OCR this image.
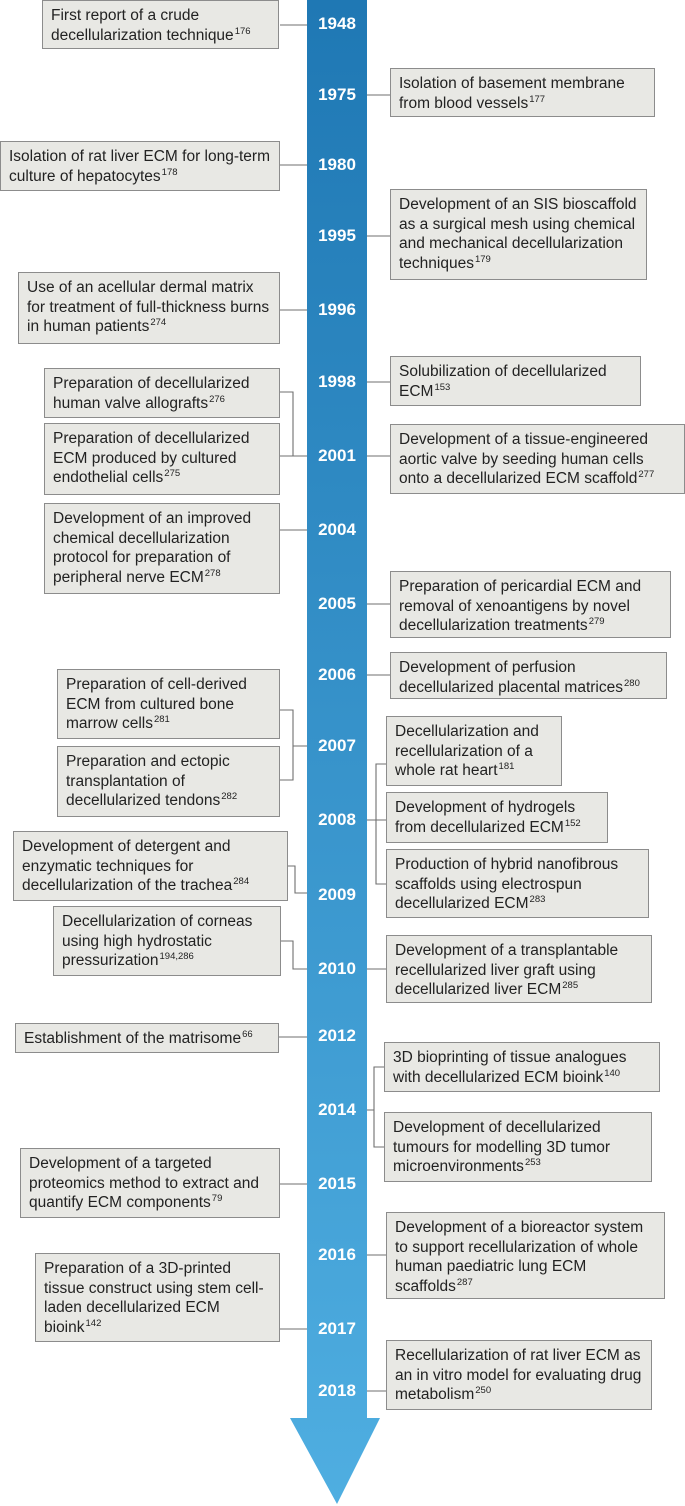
1948
1975
1980
1995
1996
1998
2001
2004
2005
2006
2007
2008
2009
2010
2012
2014
2015
2016
2017
2018
First report of a crude decellularization technique$^{176}$
Isolation of basement membrane from blood vessels$^{177}$
Isolation of rat liver ECM for long-term culture of hepatocytes$^{178}$
Development of an SIS bioscaffold as a surgical mesh using chemical and mechanical decellularization techniques$^{179}$
Use of an acellular dermal matrix for treatment of full-thickness burns in human patients$^{274}$
Solubilization of decellularized ECM$^{153}$
Preparation of decellularized human valve allografts$^{276}$
Preparation of decellularized ECM produced by cultured endothelial cells$^{275}$
Development of a tissue-engineered aortic valve by seeding human cells onto a decellularized ECM scaffold$^{277}$
Development of an improved chemical decellularization protocol for preparation of peripheral nerve ECM$^{278}$
Preparation of pericardial ECM and removal of xenoantigens by novel decellularization treatments$^{279}$
Development of perfusion decellularized placental matrices$^{280}$
Preparation of cell-derived ECM from cultured bone marrow cells$^{281}$
Decellularization and recellularization of a whole rat heart$^{181}$
Preparation and ectopic transplantation of decellularized tendons$^{282}$
Development of hydrogels from decellularized ECM$^{152}$
Development of detergent and enzymatic techniques for decellularization of the trachea$^{284}$
Production of hybrid nanofibrous scaffolds using electrospun decellularized ECM$^{283}$
Decellularization of corneas using high hydrostatic pressurization$^{194,286}$	Development of a transplantable recellularized liver graft using decellularized liver ECM$^{285}$
Establishment of the matrisome$^{66}$
3D bioprinting of tissue analogues with decellularized ECM bioink$^{140}$
Development of decellularized tumours for modelling 3D tumor microenvironments$^{253}$
Development of a targeted proteomics method to extract and quantify ECM components$^{79}$
Development of a bioreactor system to support recellularization of whole human paediatric lung ECM scaffolds$^{287}$
Preparation of a 3D-printed tissue construct using stem cell-laden decellularized ECM bioink$^{142}$
Recellularization of rat liver ECM as an in vitro model for evaluating drug metabolism$^{250}$
